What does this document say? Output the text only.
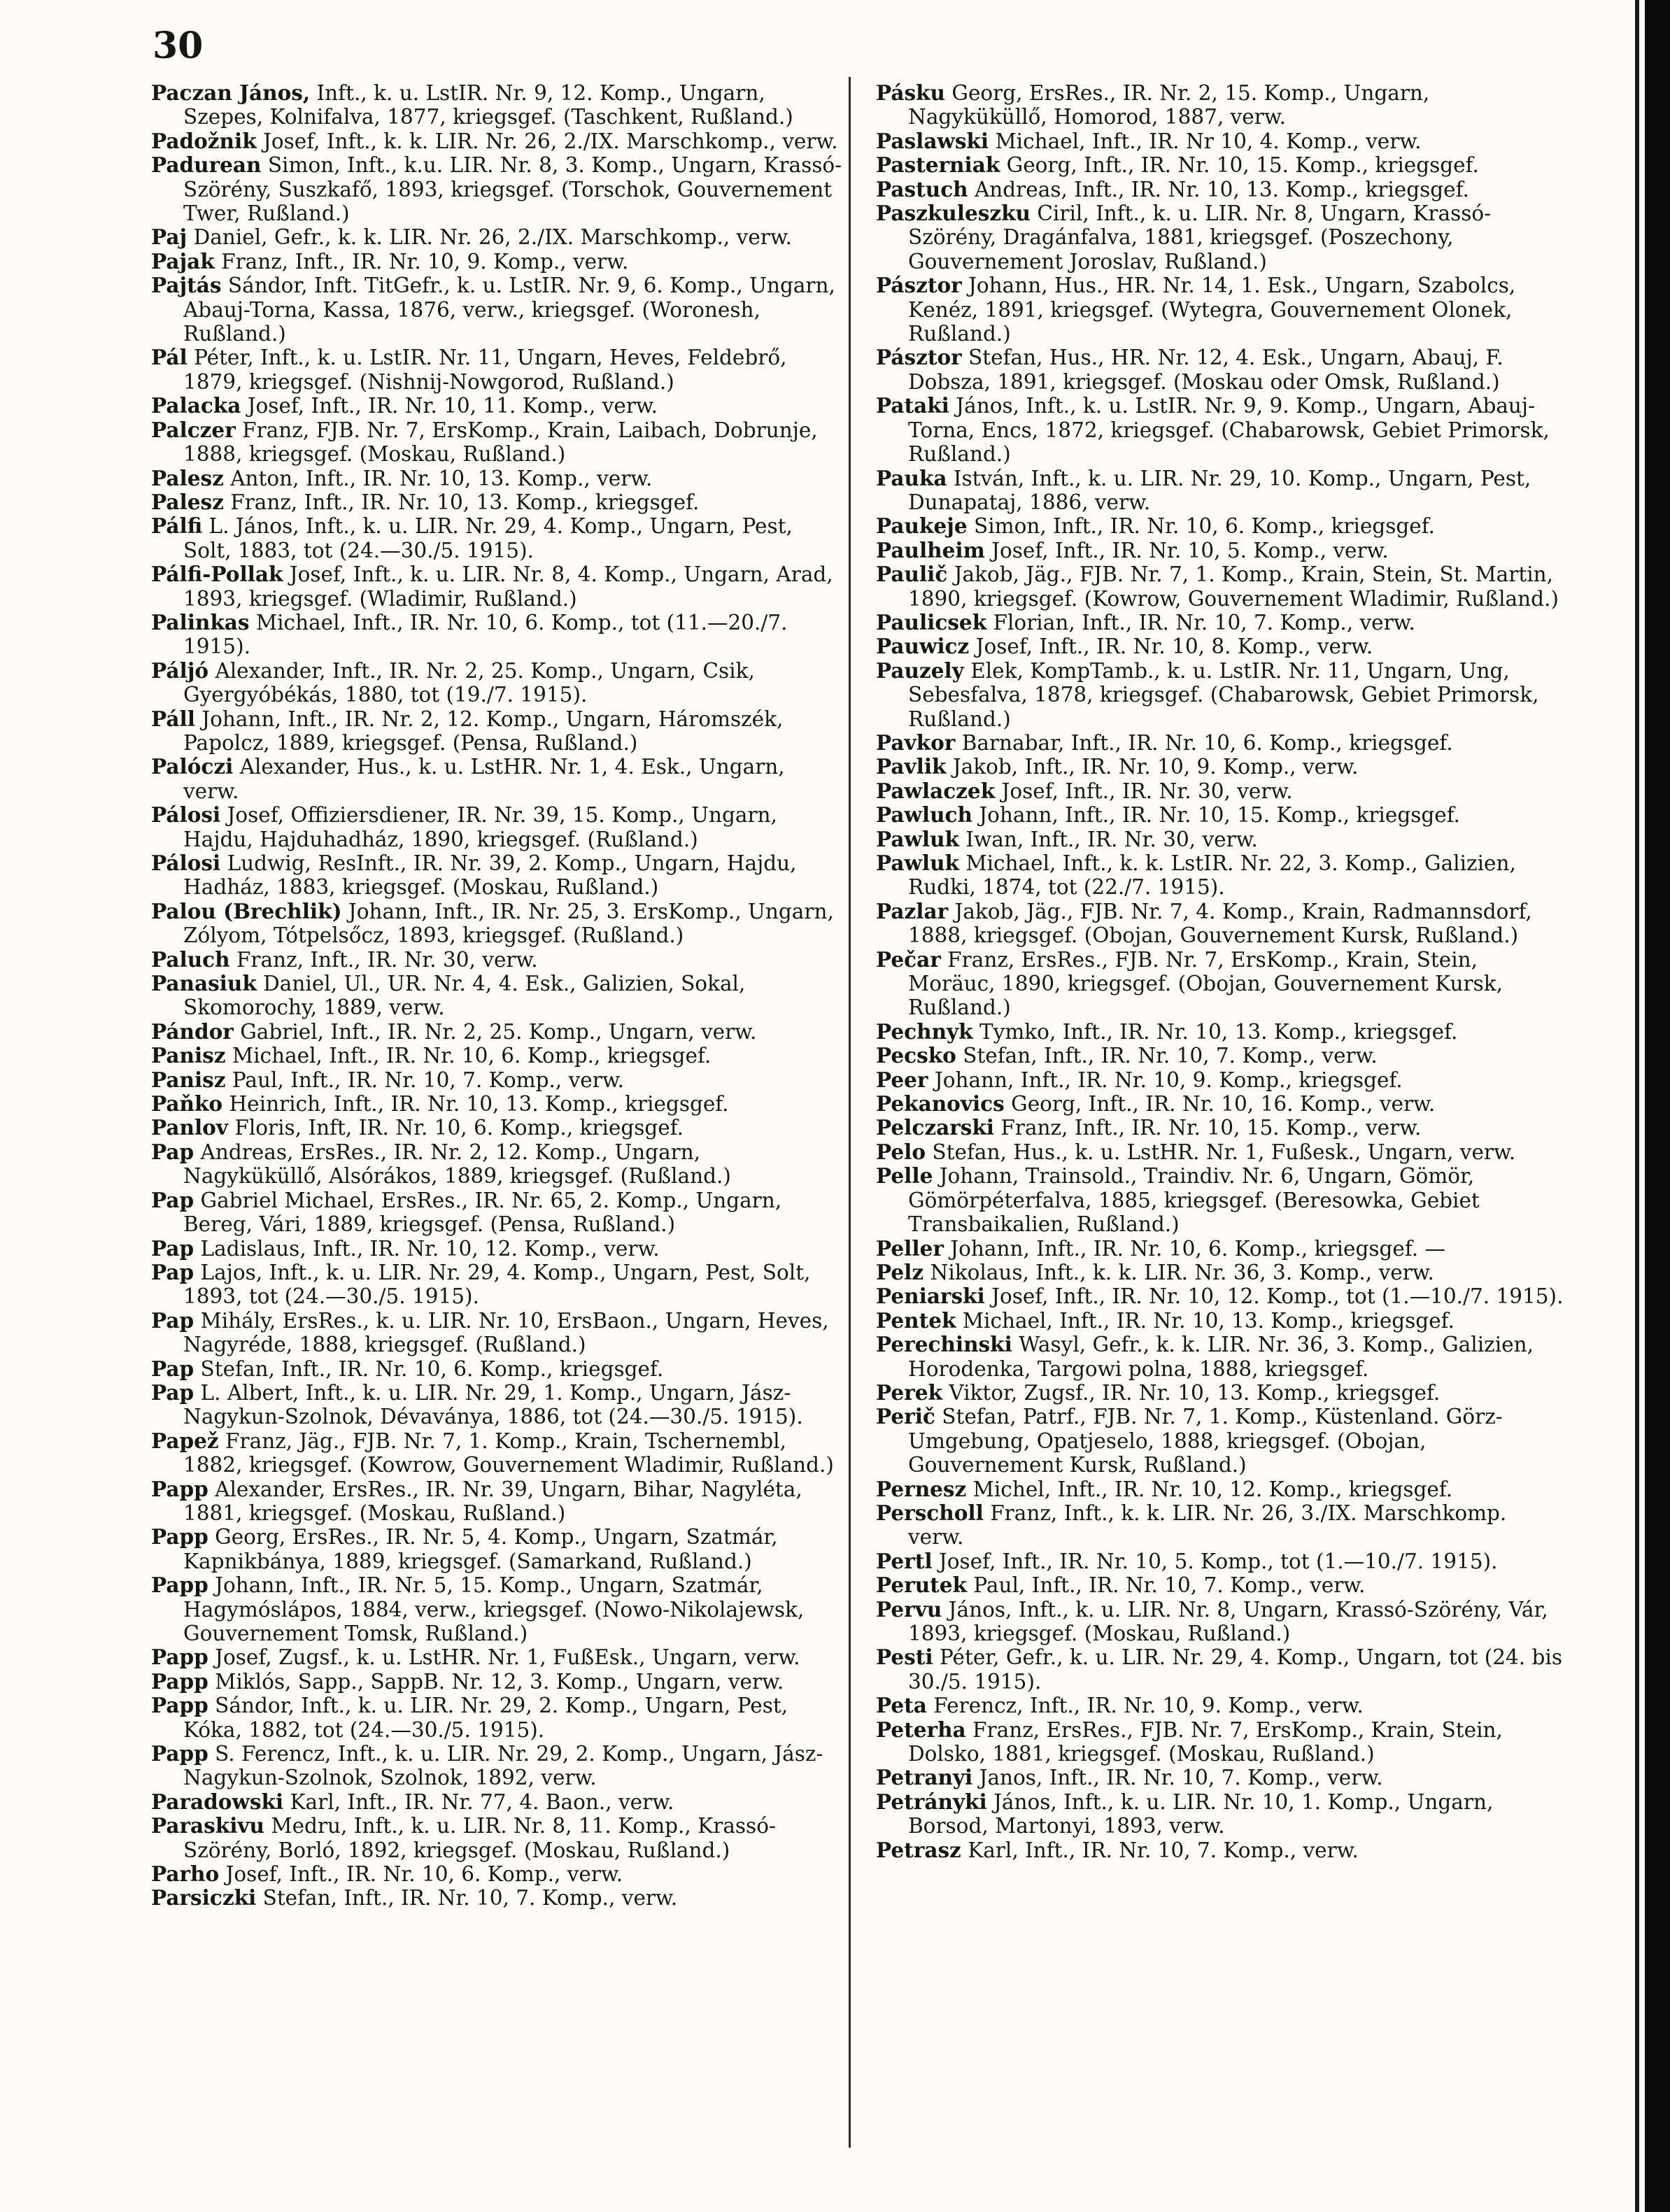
30

Paczan János, Inft., k. u. LstIR. Nr. 9, 12. Komp., Ungarn, Szepes, Kolnifalva, 1877, kriegsgef. (Taschkent, Rußland.)

Padožnik Josef, Inft., k. k. LIR. Nr. 26, 2./IX. Marschkomp., verw.

Padurean Simon, Inft., k.u. LIR. Nr. 8, 3. Komp., Ungarn, Krassó-Szörény, Suszkafő, 1893, kriegsgef. (Torschok, Gouvernement Twer, Rußland.)

Paj Daniel, Gefr., k. k. LIR. Nr. 26, 2./IX. Marschkomp., verw.

Pajak Franz, Inft., IR. Nr. 10, 9. Komp., verw.

Pajtás Sándor, Inft. TitGefr., k. u. LstIR. Nr. 9, 6. Komp., Ungarn, Abauj-Torna, Kassa, 1876, verw., kriegsgef. (Woronesh, Rußland.)

Pál Péter, Inft., k. u. LstIR. Nr. 11, Ungarn, Heves, Feldebrő, 1879, kriegsgef. (Nishnij-Nowgorod, Rußland.)

Palacka Josef, Inft., IR. Nr. 10, 11. Komp., verw.

Palczer Franz, FJB. Nr. 7, ErsKomp., Krain, Laibach, Dobrunje, 1888, kriegsgef. (Moskau, Rußland.)

Palesz Anton, Inft., IR. Nr. 10, 13. Komp., verw.

Palesz Franz, Inft., IR. Nr. 10, 13. Komp., kriegsgef.

Pálfi L. János, Inft., k. u. LIR. Nr. 29, 4. Komp., Ungarn, Pest, Solt, 1883, tot (24.—30./5. 1915).

Pálfi-Pollak Josef, Inft., k. u. LIR. Nr. 8, 4. Komp., Ungarn, Arad, 1893, kriegsgef. (Wladimir, Rußland.)

Palinkas Michael, Inft., IR. Nr. 10, 6. Komp., tot (11.—20./7. 1915).

Páljó Alexander, Inft., IR. Nr. 2, 25. Komp., Ungarn, Csik, Gyergyóbékás, 1880, tot (19./7. 1915).

Páll Johann, Inft., IR. Nr. 2, 12. Komp., Ungarn, Háromszék, Papolcz, 1889, kriegsgef. (Pensa, Rußland.)

Palóczi Alexander, Hus., k. u. LstHR. Nr. 1, 4. Esk., Ungarn, verw.

Pálosi Josef, Offiziersdiener, IR. Nr. 39, 15. Komp., Ungarn, Hajdu, Hajduhadház, 1890, kriegsgef. (Rußland.)

Pálosi Ludwig, ResInft., IR. Nr. 39, 2. Komp., Ungarn, Hajdu, Hadház, 1883, kriegsgef. (Moskau, Rußland.)

Palou (Brechlik) Johann, Inft., IR. Nr. 25, 3. ErsKomp., Ungarn, Zólyom, Tótpelsőcz, 1893, kriegsgef. (Rußland.)

Paluch Franz, Inft., IR. Nr. 30, verw.

Panasiuk Daniel, Ul., UR. Nr. 4, 4. Esk., Galizien, Sokal, Skomorochy, 1889, verw.

Pándor Gabriel, Inft., IR. Nr. 2, 25. Komp., Ungarn, verw.

Panisz Michael, Inft., IR. Nr. 10, 6. Komp., kriegsgef.

Panisz Paul, Inft., IR. Nr. 10, 7. Komp., verw.

Paňko Heinrich, Inft., IR. Nr. 10, 13. Komp., kriegsgef.

Panlov Floris, Inft, IR. Nr. 10, 6. Komp., kriegsgef.

Pap Andreas, ErsRes., IR. Nr. 2, 12. Komp., Ungarn, Nagyküküllő, Alsórákos, 1889, kriegsgef. (Rußland.)

Pap Gabriel Michael, ErsRes., IR. Nr. 65, 2. Komp., Ungarn, Bereg, Vári, 1889, kriegsgef. (Pensa, Rußland.)

Pap Ladislaus, Inft., IR. Nr. 10, 12. Komp., verw.

Pap Lajos, Inft., k. u. LIR. Nr. 29, 4. Komp., Ungarn, Pest, Solt, 1893, tot (24.—30./5. 1915).

Pap Mihály, ErsRes., k. u. LIR. Nr. 10, ErsBaon., Ungarn, Heves, Nagyréde, 1888, kriegsgef. (Rußland.)

Pap Stefan, Inft., IR. Nr. 10, 6. Komp., kriegsgef.

Pap L. Albert, Inft., k. u. LIR. Nr. 29, 1. Komp., Ungarn, Jász-Nagykun-Szolnok, Dévaványa, 1886, tot (24.—30./5. 1915).

Papež Franz, Jäg., FJB. Nr. 7, 1. Komp., Krain, Tschernembl, 1882, kriegsgef. (Kowrow, Gouvernement Wladimir, Rußland.)

Papp Alexander, ErsRes., IR. Nr. 39, Ungarn, Bihar, Nagyléta, 1881, kriegsgef. (Moskau, Rußland.)

Papp Georg, ErsRes., IR. Nr. 5, 4. Komp., Ungarn, Szatmár, Kapnikbánya, 1889, kriegsgef. (Samarkand, Rußland.)

Papp Johann, Inft., IR. Nr. 5, 15. Komp., Ungarn, Szatmár, Hagymóslápos, 1884, verw., kriegsgef. (Nowo-Nikolajewsk, Gouvernement Tomsk, Rußland.)

Papp Josef, Zugsf., k. u. LstHR. Nr. 1, FußEsk., Ungarn, verw.

Papp Miklós, Sapp., SappB. Nr. 12, 3. Komp., Ungarn, verw.

Papp Sándor, Inft., k. u. LIR. Nr. 29, 2. Komp., Ungarn, Pest, Kóka, 1882, tot (24.—30./5. 1915).

Papp S. Ferencz, Inft., k. u. LIR. Nr. 29, 2. Komp., Ungarn, Jász-Nagykun-Szolnok, Szolnok, 1892, verw.

Paradowski Karl, Inft., IR. Nr. 77, 4. Baon., verw.

Paraskivu Medru, Inft., k. u. LIR. Nr. 8, 11. Komp., Krassó-Szörény, Borló, 1892, kriegsgef. (Moskau, Rußland.)

Parho Josef, Inft., IR. Nr. 10, 6. Komp., verw.

Parsiczki Stefan, Inft., IR. Nr. 10, 7. Komp., verw.

Pásku Georg, ErsRes., IR. Nr. 2, 15. Komp., Ungarn, Nagyküküllő, Homorod, 1887, verw.

Paslawski Michael, Inft., IR. Nr 10, 4. Komp., verw.

Pasterniak Georg, Inft., IR. Nr. 10, 15. Komp., kriegsgef.

Pastuch Andreas, Inft., IR. Nr. 10, 13. Komp., kriegsgef.

Paszkuleszku Ciril, Inft., k. u. LIR. Nr. 8, Ungarn, Krassó-Szörény, Dragánfalva, 1881, kriegsgef. (Poszechony, Gouvernement Joroslav, Rußland.)

Pásztor Johann, Hus., HR. Nr. 14, 1. Esk., Ungarn, Szabolcs, Kenéz, 1891, kriegsgef. (Wytegra, Gouvernement Olonek, Rußland.)

Pásztor Stefan, Hus., HR. Nr. 12, 4. Esk., Ungarn, Abauj, F. Dobsza, 1891, kriegsgef. (Moskau oder Omsk, Rußland.)

Pataki János, Inft., k. u. LstIR. Nr. 9, 9. Komp., Ungarn, Abauj-Torna, Encs, 1872, kriegsgef. (Chabarowsk, Gebiet Primorsk, Rußland.)

Pauka István, Inft., k. u. LIR. Nr. 29, 10. Komp., Ungarn, Pest, Dunapataj, 1886, verw.

Paukeje Simon, Inft., IR. Nr. 10, 6. Komp., kriegsgef.

Paulheim Josef, Inft., IR. Nr. 10, 5. Komp., verw.

Paulič Jakob, Jäg., FJB. Nr. 7, 1. Komp., Krain, Stein, St. Martin, 1890, kriegsgef. (Kowrow, Gouvernement Wladimir, Rußland.)

Paulicsek Florian, Inft., IR. Nr. 10, 7. Komp., verw.

Pauwicz Josef, Inft., IR. Nr. 10, 8. Komp., verw.

Pauzely Elek, KompTamb., k. u. LstIR. Nr. 11, Ungarn, Ung, Sebesfalva, 1878, kriegsgef. (Chabarowsk, Gebiet Primorsk, Rußland.)

Pavkor Barnabar, Inft., IR. Nr. 10, 6. Komp., kriegsgef.

Pavlik Jakob, Inft., IR. Nr. 10, 9. Komp., verw.

Pawlaczek Josef, Inft., IR. Nr. 30, verw.

Pawluch Johann, Inft., IR. Nr. 10, 15. Komp., kriegsgef.

Pawluk Iwan, Inft., IR. Nr. 30, verw.

Pawluk Michael, Inft., k. k. LstIR. Nr. 22, 3. Komp., Galizien, Rudki, 1874, tot (22./7. 1915).

Pazlar Jakob, Jäg., FJB. Nr. 7, 4. Komp., Krain, Radmannsdorf, 1888, kriegsgef. (Obojan, Gouvernement Kursk, Rußland.)

Pečar Franz, ErsRes., FJB. Nr. 7, ErsKomp., Krain, Stein, Moräuc, 1890, kriegsgef. (Obojan, Gouvernement Kursk, Rußland.)

Pechnyk Tymko, Inft., IR. Nr. 10, 13. Komp., kriegsgef.

Pecsko Stefan, Inft., IR. Nr. 10, 7. Komp., verw.

Peer Johann, Inft., IR. Nr. 10, 9. Komp., kriegsgef.

Pekanovics Georg, Inft., IR. Nr. 10, 16. Komp., verw.

Pelczarski Franz, Inft., IR. Nr. 10, 15. Komp., verw.

Pelo Stefan, Hus., k. u. LstHR. Nr. 1, Fußesk., Ungarn, verw.

Pelle Johann, Trainsold., Traindiv. Nr. 6, Ungarn, Gömör, Gömörpéterfalva, 1885, kriegsgef. (Beresowka, Gebiet Transbaikalien, Rußland.)

Peller Johann, Inft., IR. Nr. 10, 6. Komp., kriegsgef. —

Pelz Nikolaus, Inft., k. k. LIR. Nr. 36, 3. Komp., verw.

Peniarski Josef, Inft., IR. Nr. 10, 12. Komp., tot (1.—10./7. 1915).

Pentek Michael, Inft., IR. Nr. 10, 13. Komp., kriegsgef.

Perechinski Wasyl, Gefr., k. k. LIR. Nr. 36, 3. Komp., Galizien, Horodenka, Targowi polna, 1888, kriegsgef.

Perek Viktor, Zugsf., IR. Nr. 10, 13. Komp., kriegsgef.

Perič Stefan, Patrf., FJB. Nr. 7, 1. Komp., Küstenland. Görz-Umgebung, Opatjeselo, 1888, kriegsgef. (Obojan, Gouvernement Kursk, Rußland.)

Pernesz Michel, Inft., IR. Nr. 10, 12. Komp., kriegsgef.

Perscholl Franz, Inft., k. k. LIR. Nr. 26, 3./IX. Marschkomp. verw.

Pertl Josef, Inft., IR. Nr. 10, 5. Komp., tot (1.—10./7. 1915).

Perutek Paul, Inft., IR. Nr. 10, 7. Komp., verw.

Pervu János, Inft., k. u. LIR. Nr. 8, Ungarn, Krassó-Szörény, Vár, 1893, kriegsgef. (Moskau, Rußland.)

Pesti Péter, Gefr., k. u. LIR. Nr. 29, 4. Komp., Ungarn, tot (24. bis 30./5. 1915).

Peta Ferencz, Inft., IR. Nr. 10, 9. Komp., verw.

Peterha Franz, ErsRes., FJB. Nr. 7, ErsKomp., Krain, Stein, Dolsko, 1881, kriegsgef. (Moskau, Rußland.)

Petranyi Janos, Inft., IR. Nr. 10, 7. Komp., verw.

Petrányki János, Inft., k. u. LIR. Nr. 10, 1. Komp., Ungarn, Borsod, Martonyi, 1893, verw.

Petrasz Karl, Inft., IR. Nr. 10, 7. Komp., verw.
